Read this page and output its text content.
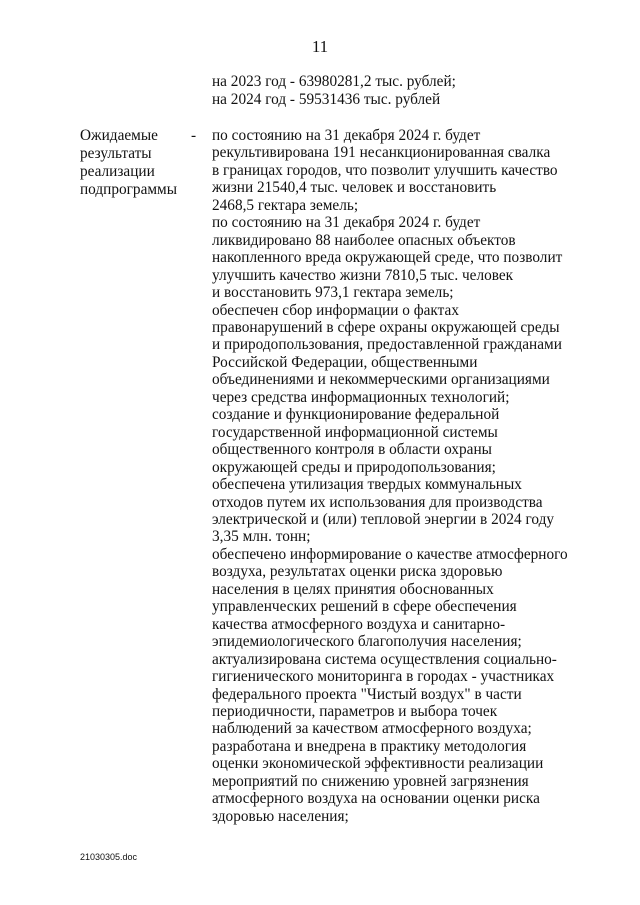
11
на 2023 год - 63980281,2 тыс. рублей;
на 2024 год - 59531436 тыс. рублей
Ожидаемые
результаты
реализации
подпрограммы
- по состоянию на 31 декабря 2024 г. будет
рекультивирована 191 несанкционированная свалка
в границах городов, что позволит улучшить качество
жизни 21540,4 тыс. человек и восстановить
2468,5 гектара земель;
по состоянию на 31 декабря 2024 г. будет
ликвидировано 88 наиболее опасных объектов
накопленного вреда окружающей среде, что позволит
улучшить качество жизни 7810,5 тыс. человек
и восстановить 973,1 гектара земель;
обеспечен сбор информации о фактах
правонарушений в сфере охраны окружающей среды
и природопользования, предоставленной гражданами
Российской Федерации, общественными
объединениями и некоммерческими организациями
через средства информационных технологий;
создание и функционирование федеральной
государственной информационной системы
общественного контроля в области охраны
окружающей среды и природопользования;
обеспечена утилизация твердых коммунальных
отходов путем их использования для производства
электрической и (или) тепловой энергии в 2024 году
3,35 млн. тонн;
обеспечено информирование о качестве атмосферного
воздуха, результатах оценки риска здоровью
населения в целях принятия обоснованных
управленческих решений в сфере обеспечения
качества атмосферного воздуха и санитарно-
эпидемиологического благополучия населения;
актуализирована система осуществления социально-
гигиенического мониторинга в городах - участниках
федерального проекта "Чистый воздух" в части
периодичности, параметров и выбора точек
наблюдений за качеством атмосферного воздуха;
разработана и внедрена в практику методология
оценки экономической эффективности реализации
мероприятий по снижению уровней загрязнения
атмосферного воздуха на основании оценки риска
здоровью населения;
21030305.doc
